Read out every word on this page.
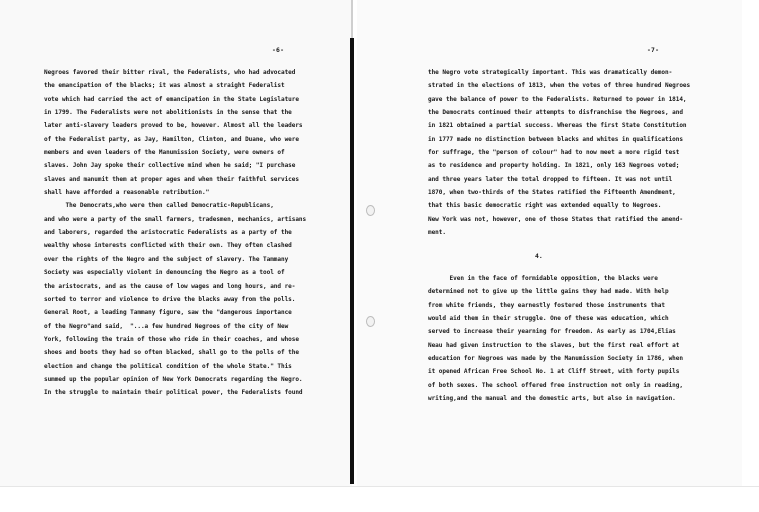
-6-
Negroes favored their bitter rival, the Federalists, who had advocated
the emancipation of the blacks; it was almost a straight Federalist
vote which had carried the act of emancipation in the State Legislature
in 1799. The Federalists were not abolitionists in the sense that the
later anti-slavery leaders proved to be, however. Almost all the leaders
of the Federalist party, as Jay, Hamilton, Clinton, and Duane, who were
members and even leaders of the Manumission Society, were owners of
slaves. John Jay spoke their collective mind when he said; "I purchase
slaves and manumit them at proper ages and when their faithful services
shall have afforded a reasonable retribution."
The Democrats,who were then called Democratic-Republicans,
and who were a party of the small farmers, tradesmen, mechanics, artisans
and laborers, regarded the aristocratic Federalists as a party of the
wealthy whose interests conflicted with their own. They often clashed
over the rights of the Negro and the subject of slavery. The Tammany
Society was especially violent in denouncing the Negro as a tool of
the aristocrats, and as the cause of low wages and long hours, and re-
sorted to terror and violence to drive the blacks away from the polls.
General Root, a leading Tammany figure, saw the "dangerous importance
of the Negro"and said,  "...a few hundred Negroes of the city of New
York, following the train of those who ride in their coaches, and whose
shoes and boots they had so often blacked, shall go to the polls of the
election and change the political condition of the whole State." This
summed up the popular opinion of New York Democrats regarding the Negro.
In the struggle to maintain their political power, the Federalists found
-7-
the Negro vote strategically important. This was dramatically demon-
strated in the elections of 1813, when the votes of three hundred Negroes
gave the balance of power to the Federalists. Returned to power in 1814,
the Democrats continued their attempts to disfranchise the Negroes, and
in 1821 obtained a partial success. Whereas the first State Constitution
in 1777 made no distinction between blacks and whites in qualifications
for suffrage, the "person of colour" had to now meet a more rigid test
as to residence and property holding. In 1821, only 163 Negroes voted;
and three years later the total dropped to fifteen. It was not until
1870, when two-thirds of the States ratified the Fifteenth Amendment,
that this basic democratic right was extended equally to Negroes.
New York was not, however, one of those States that ratified the amend-
ment.
4.
Even in the face of formidable opposition, the blacks were
determined not to give up the little gains they had made. With help
from white friends, they earnestly fostered those instruments that
would aid them in their struggle. One of these was education, which
served to increase their yearning for freedom. As early as 1704,Elias
Neau had given instruction to the slaves, but the first real effort at
education for Negroes was made by the Manumission Society in 1786, when
it opened African Free School No. 1 at Cliff Street, with forty pupils
of both sexes. The school offered free instruction not only in reading,
writing,and the manual and the domestic arts, but also in navigation.
